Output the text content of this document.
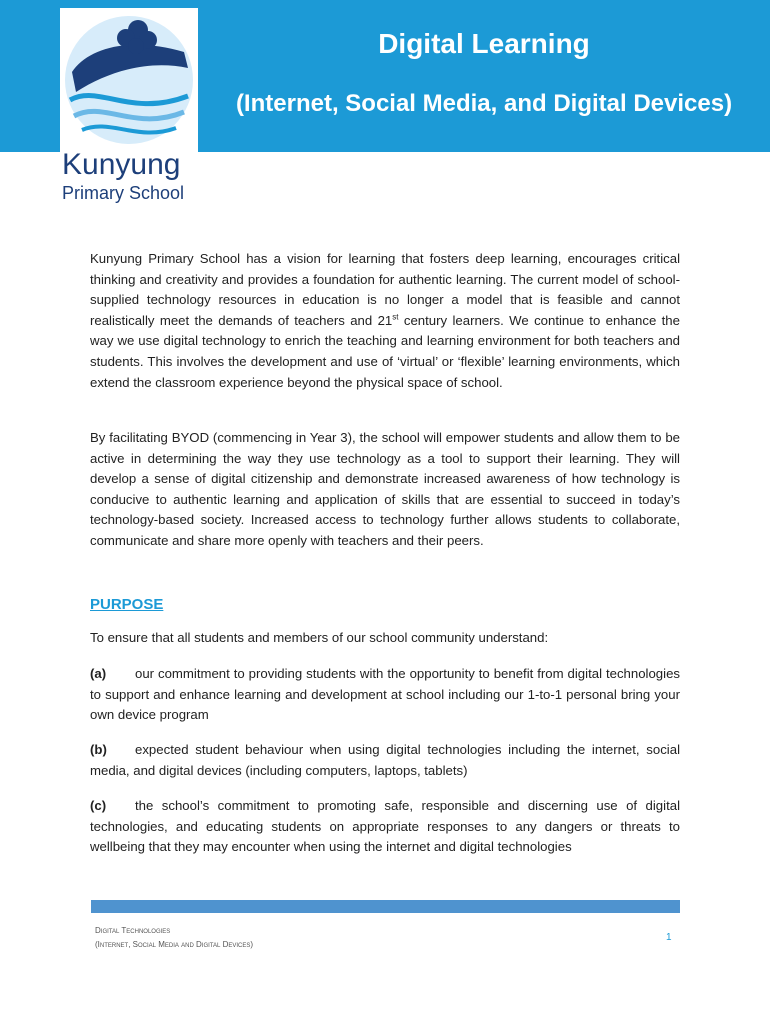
Kunyung
Primary School
Digital Learning
(Internet, Social Media, and Digital Devices)
Kunyung Primary School has a vision for learning that fosters deep learning, encourages critical thinking and creativity and provides a foundation for authentic learning. The current model of school-supplied technology resources in education is no longer a model that is feasible and cannot realistically meet the demands of teachers and 21st century learners. We continue to enhance the way we use digital technology to enrich the teaching and learning environment for both teachers and students. This involves the development and use of ‘virtual’ or ‘flexible’ learning environments, which extend the classroom experience beyond the physical space of school.
By facilitating BYOD (commencing in Year 3), the school will empower students and allow them to be active in determining the way they use technology as a tool to support their learning. They will develop a sense of digital citizenship and demonstrate increased awareness of how technology is conducive to authentic learning and application of skills that are essential to succeed in today’s technology-based society. Increased access to technology further allows students to collaborate, communicate and share more openly with teachers and their peers.
PURPOSE
To ensure that all students and members of our school community understand:
(a) our commitment to providing students with the opportunity to benefit from digital technologies to support and enhance learning and development at school including our 1-to-1 personal bring your own device program
(b) expected student behaviour when using digital technologies including the internet, social media, and digital devices (including computers, laptops, tablets)
(c) the school’s commitment to promoting safe, responsible and discerning use of digital technologies, and educating students on appropriate responses to any dangers or threats to wellbeing that they may encounter when using the internet and digital technologies
Digital Technologies
(Internet, Social Media and Digital Devices)
1
